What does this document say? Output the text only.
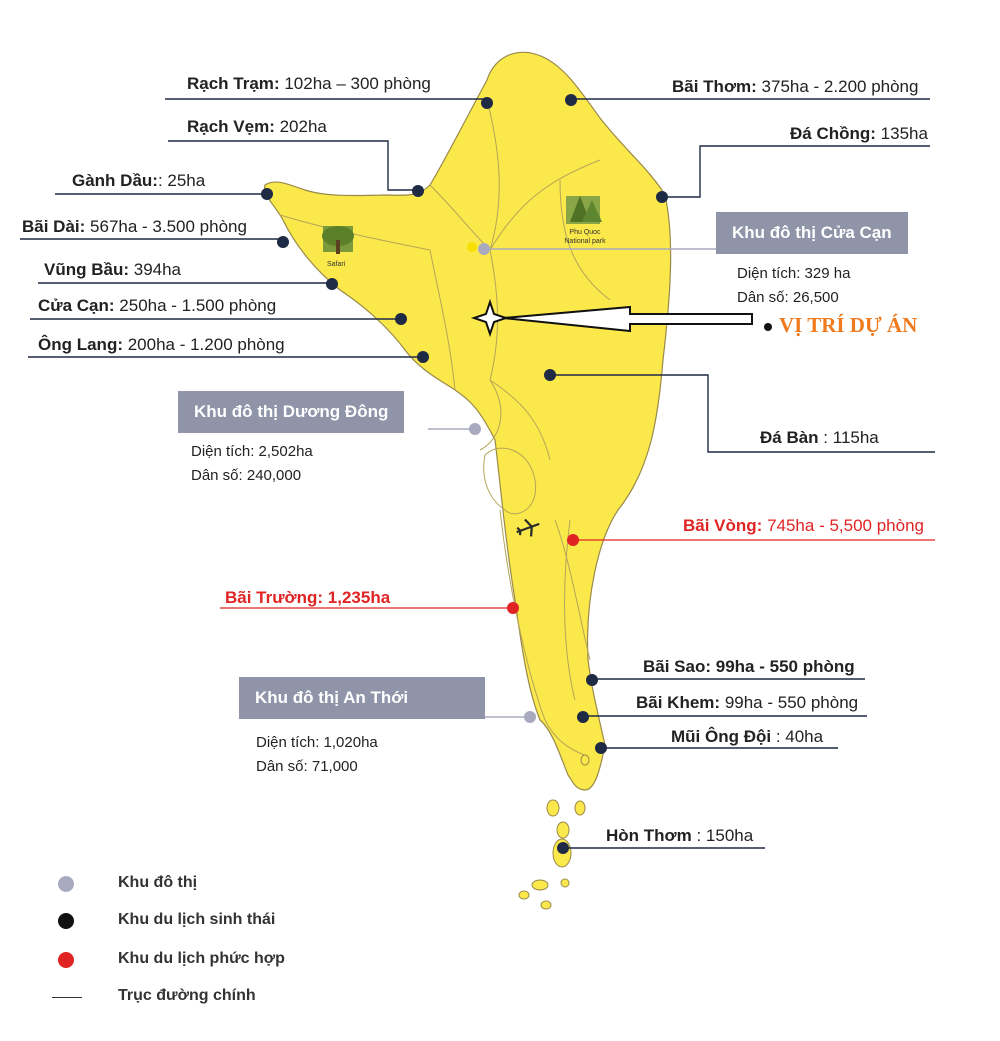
Rạch Trạm: 102ha – 300 phòng
Rạch Vẹm: 202ha
Gành Dầu:: 25ha
Bãi Dài: 567ha - 3.500 phòng
Vũng Bầu: 394ha
Cửa Cạn: 250ha - 1.500 phòng
Ông Lang: 200ha - 1.200 phòng
Bãi Thơm: 375ha - 2.200 phòng
Đá Chồng: 135ha
Đá Bàn : 115ha
Bãi Vòng: 745ha - 5,500 phòng
Bãi Trường: 1,235ha
Bãi Sao: 99ha - 550 phòng
Bãi Khem: 99ha - 550 phòng
Mũi Ông Đội : 40ha
Hòn Thơm : 150ha
Khu đô thị Cửa Cạn
Diện tích: 329 ha
Dân số: 26,500
Khu đô thị Dương Đông
Diện tích: 2,502ha
Dân số: 240,000
Khu đô thị An Thới
Diện tích: 1,020ha
Dân số: 71,000
VỊ TRÍ DỰ ÁN
Safari
Phu Quoc
National park
Khu đô thị
Khu du lịch sinh thái
Khu du lịch phức hợp
Trục đường chính
